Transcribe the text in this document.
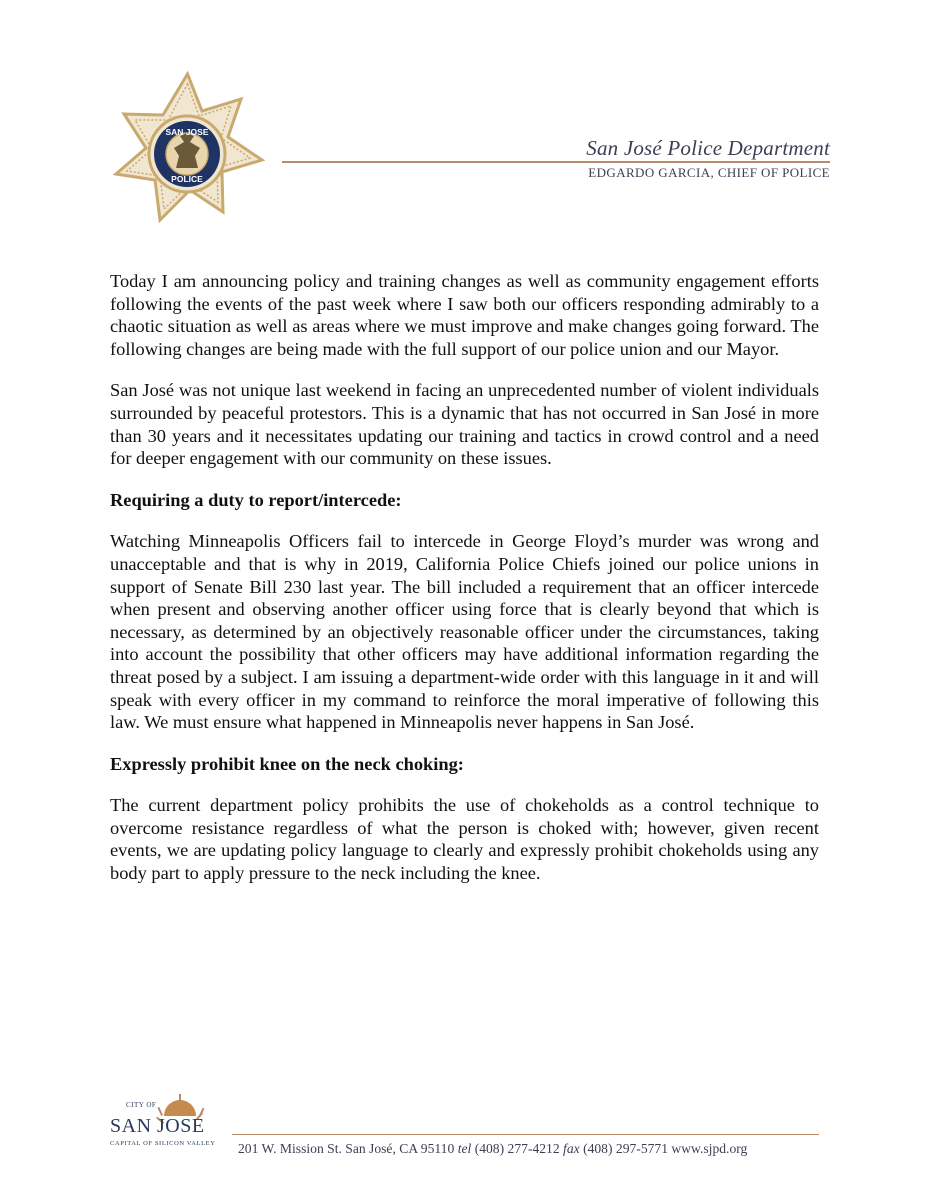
SAN JOSE
POLICE
San José Police Department
EDGARDO GARCIA, CHIEF OF POLICE

Today I am announcing policy and training changes as well as community engagement efforts following the events of the past week where I saw both our officers responding admirably to a chaotic situation as well as areas where we must improve and make changes going forward. The following changes are being made with the full support of our police union and our Mayor.

San José was not unique last weekend in facing an unprecedented number of violent individuals surrounded by peaceful protestors. This is a dynamic that has not occurred in San José in more than 30 years and it necessitates updating our training and tactics in crowd control and a need for deeper engagement with our community on these issues.

Requiring a duty to report/intercede:

Watching Minneapolis Officers fail to intercede in George Floyd’s murder was wrong and unacceptable and that is why in 2019, California Police Chiefs joined our police unions in support of Senate Bill 230 last year. The bill included a requirement that an officer intercede when present and observing another officer using force that is clearly beyond that which is necessary, as determined by an objectively reasonable officer under the circumstances, taking into account the possibility that other officers may have additional information regarding the threat posed by a subject. I am issuing a department-wide order with this language in it and will speak with every officer in my command to reinforce the moral imperative of following this law. We must ensure what happened in Minneapolis never happens in San José.

Expressly prohibit knee on the neck choking:

The current department policy prohibits the use of chokeholds as a control technique to overcome resistance regardless of what the person is choked with; however, given recent events, we are updating policy language to clearly and expressly prohibit chokeholds using any body part to apply pressure to the neck including the knee.

CITY OF
SAN JOSE
CAPITAL OF SILICON VALLEY 201 W. Mission St. San José, CA 95110 tel (408) 277-4212 fax (408) 297-5771 www.sjpd.org
